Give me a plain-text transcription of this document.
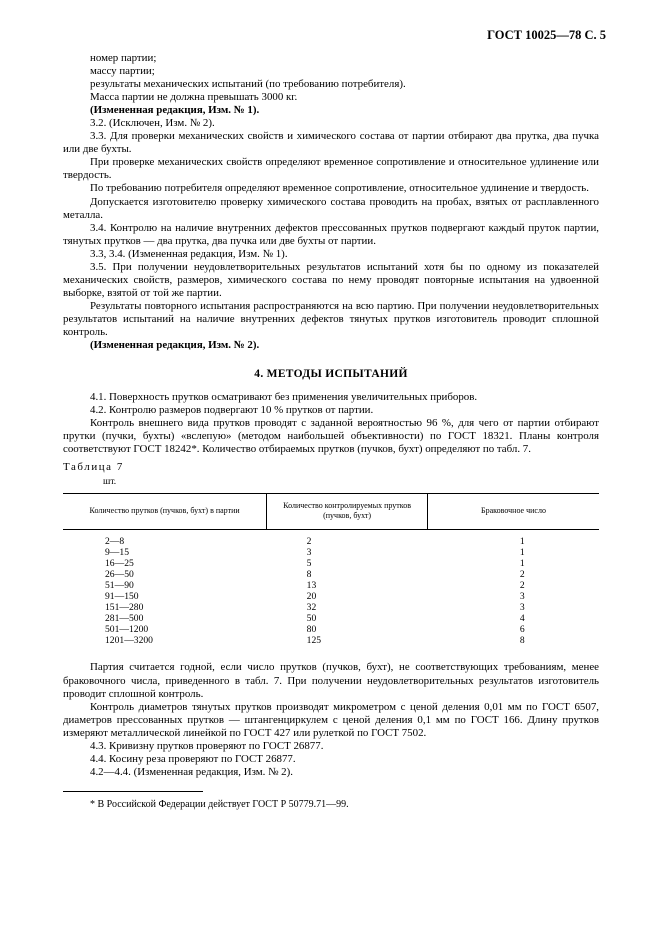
ГОСТ 10025—78 С. 5

номер партии;

массу партии;

результаты механических испытаний (по требованию потребителя).

Масса партии не должна превышать 3000 кг.

(Измененная редакция, Изм. № 1).

3.2. (Исключен, Изм. № 2).

3.3. Для проверки механических свойств и химического состава от партии отбирают два прутка, два пучка или две бухты.

При проверке механических свойств определяют временное сопротивление и относительное удлинение или твердость.

По требованию потребителя определяют временное сопротивление, относительное удлинение и твердость.

Допускается изготовителю проверку химического состава проводить на пробах, взятых от расплавленного металла.

3.4. Контролю на наличие внутренних дефектов прессованных прутков подвергают каждый пруток партии, тянутых прутков — два прутка, два пучка или две бухты от партии.

3.3, 3.4. (Измененная редакция, Изм. № 1).

3.5. При получении неудовлетворительных результатов испытаний хотя бы по одному из показателей механических свойств, размеров, химического состава по нему проводят повторные испытания на удвоенной выборке, взятой от той же партии.

Результаты повторного испытания распространяются на всю партию. При получении неудовлетворительных результатов испытаний на наличие внутренних дефектов тянутых прутков изготовитель проводит сплошной контроль.

(Измененная редакция, Изм. № 2).

4. МЕТОДЫ ИСПЫТАНИЙ

4.1. Поверхность прутков осматривают без применения увеличительных приборов.

4.2. Контролю размеров подвергают 10 % прутков от партии.

Контроль внешнего вида прутков проводят с заданной вероятностью 96 %, для чего от партии отбирают прутки (пучки, бухты) «вслепую» (методом наибольшей объективности) по ГОСТ 18321. Планы контроля соответствуют ГОСТ 18242*. Количество отбираемых прутков (пучков, бухт) определяют по табл. 7.

Таблица 7

шт.

Количество прутков (пучков, бухт) в партии	Количество контролируемых прутков (пучков, бухт)	Браковочное число
2—8	2	1
9—15	3	1
16—25	5	1
26—50	8	2
51—90	13	2
91—150	20	3
151—280	32	3
281—500	50	4
501—1200	80	6
1201—3200	125	8

Партия считается годной, если число прутков (пучков, бухт), не соответствующих требованиям, менее браковочного числа, приведенного в табл. 7. При получении неудовлетворительных результатов изготовитель проводит сплошной контроль.

Контроль диаметров тянутых прутков производят микрометром с ценой деления 0,01 мм по ГОСТ 6507, диаметров прессованных прутков — штангенциркулем с ценой деления 0,1 мм по ГОСТ 166. Длину прутков измеряют металлической линейкой по ГОСТ 427 или рулеткой по ГОСТ 7502.

4.3. Кривизну прутков проверяют по ГОСТ 26877.

4.4. Косину реза проверяют по ГОСТ 26877.

4.2—4.4. (Измененная редакция, Изм. № 2).

* В Российской Федерации действует ГОСТ Р 50779.71—99.
